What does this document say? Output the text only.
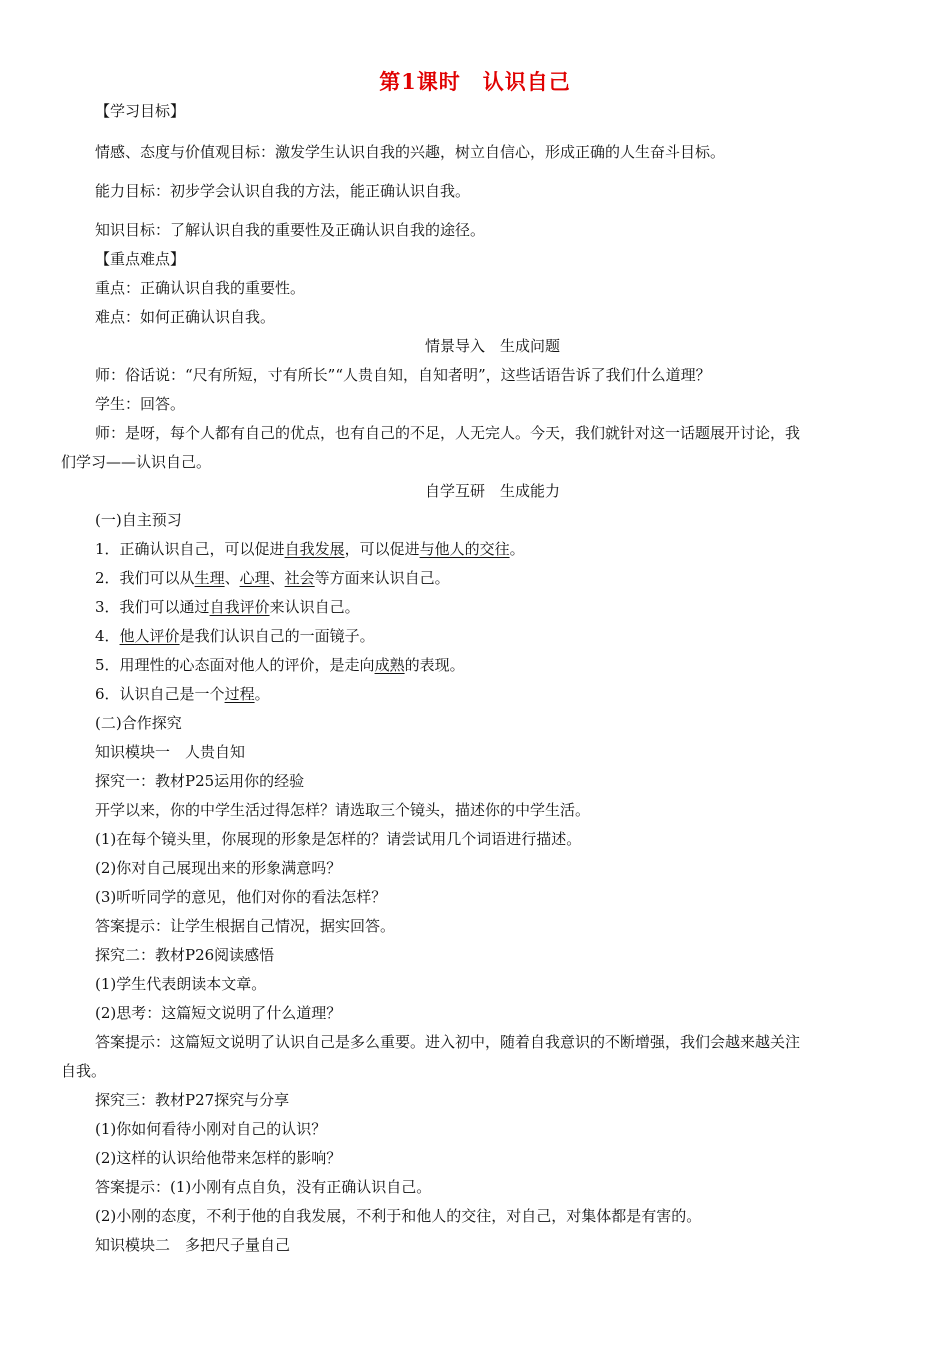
第1课时　认识自己
【学习目标】
情感、态度与价值观目标：激发学生认识自我的兴趣，树立自信心，形成正确的人生奋斗目标。
能力目标：初步学会认识自我的方法，能正确认识自我。
知识目标：了解认识自我的重要性及正确认识自我的途径。
【重点难点】
重点：正确认识自我的重要性。
难点：如何正确认识自我。
情景导入　生成问题
师：俗话说：“尺有所短，寸有所长”“人贵自知，自知者明”，这些话语告诉了我们什么道理？
学生：回答。
师：是呀，每个人都有自己的优点，也有自己的不足，人无完人。今天，我们就针对这一话题展开讨论，我
们学习——认识自己。
自学互研　生成能力
(一)自主预习
1．正确认识自己，可以促进自我发展，可以促进与他人的交往。
2．我们可以从生理、心理、社会等方面来认识自己。
3．我们可以通过自我评价来认识自己。
4．他人评价是我们认识自己的一面镜子。
5．用理性的心态面对他人的评价，是走向成熟的表现。
6．认识自己是一个过程。
(二)合作探究
知识模块一　人贵自知
探究一：教材P25运用你的经验
开学以来，你的中学生活过得怎样？请选取三个镜头，描述你的中学生活。
(1)在每个镜头里，你展现的形象是怎样的？请尝试用几个词语进行描述。
(2)你对自己展现出来的形象满意吗？
(3)听听同学的意见，他们对你的看法怎样？
答案提示：让学生根据自己情况，据实回答。
探究二：教材P26阅读感悟
(1)学生代表朗读本文章。
(2)思考：这篇短文说明了什么道理？
答案提示：这篇短文说明了认识自己是多么重要。进入初中，随着自我意识的不断增强，我们会越来越关注
自我。
探究三：教材P27探究与分享
(1)你如何看待小刚对自己的认识？
(2)这样的认识给他带来怎样的影响？
答案提示：(1)小刚有点自负，没有正确认识自己。
(2)小刚的态度，不利于他的自我发展，不利于和他人的交往，对自己，对集体都是有害的。
知识模块二　多把尺子量自己
